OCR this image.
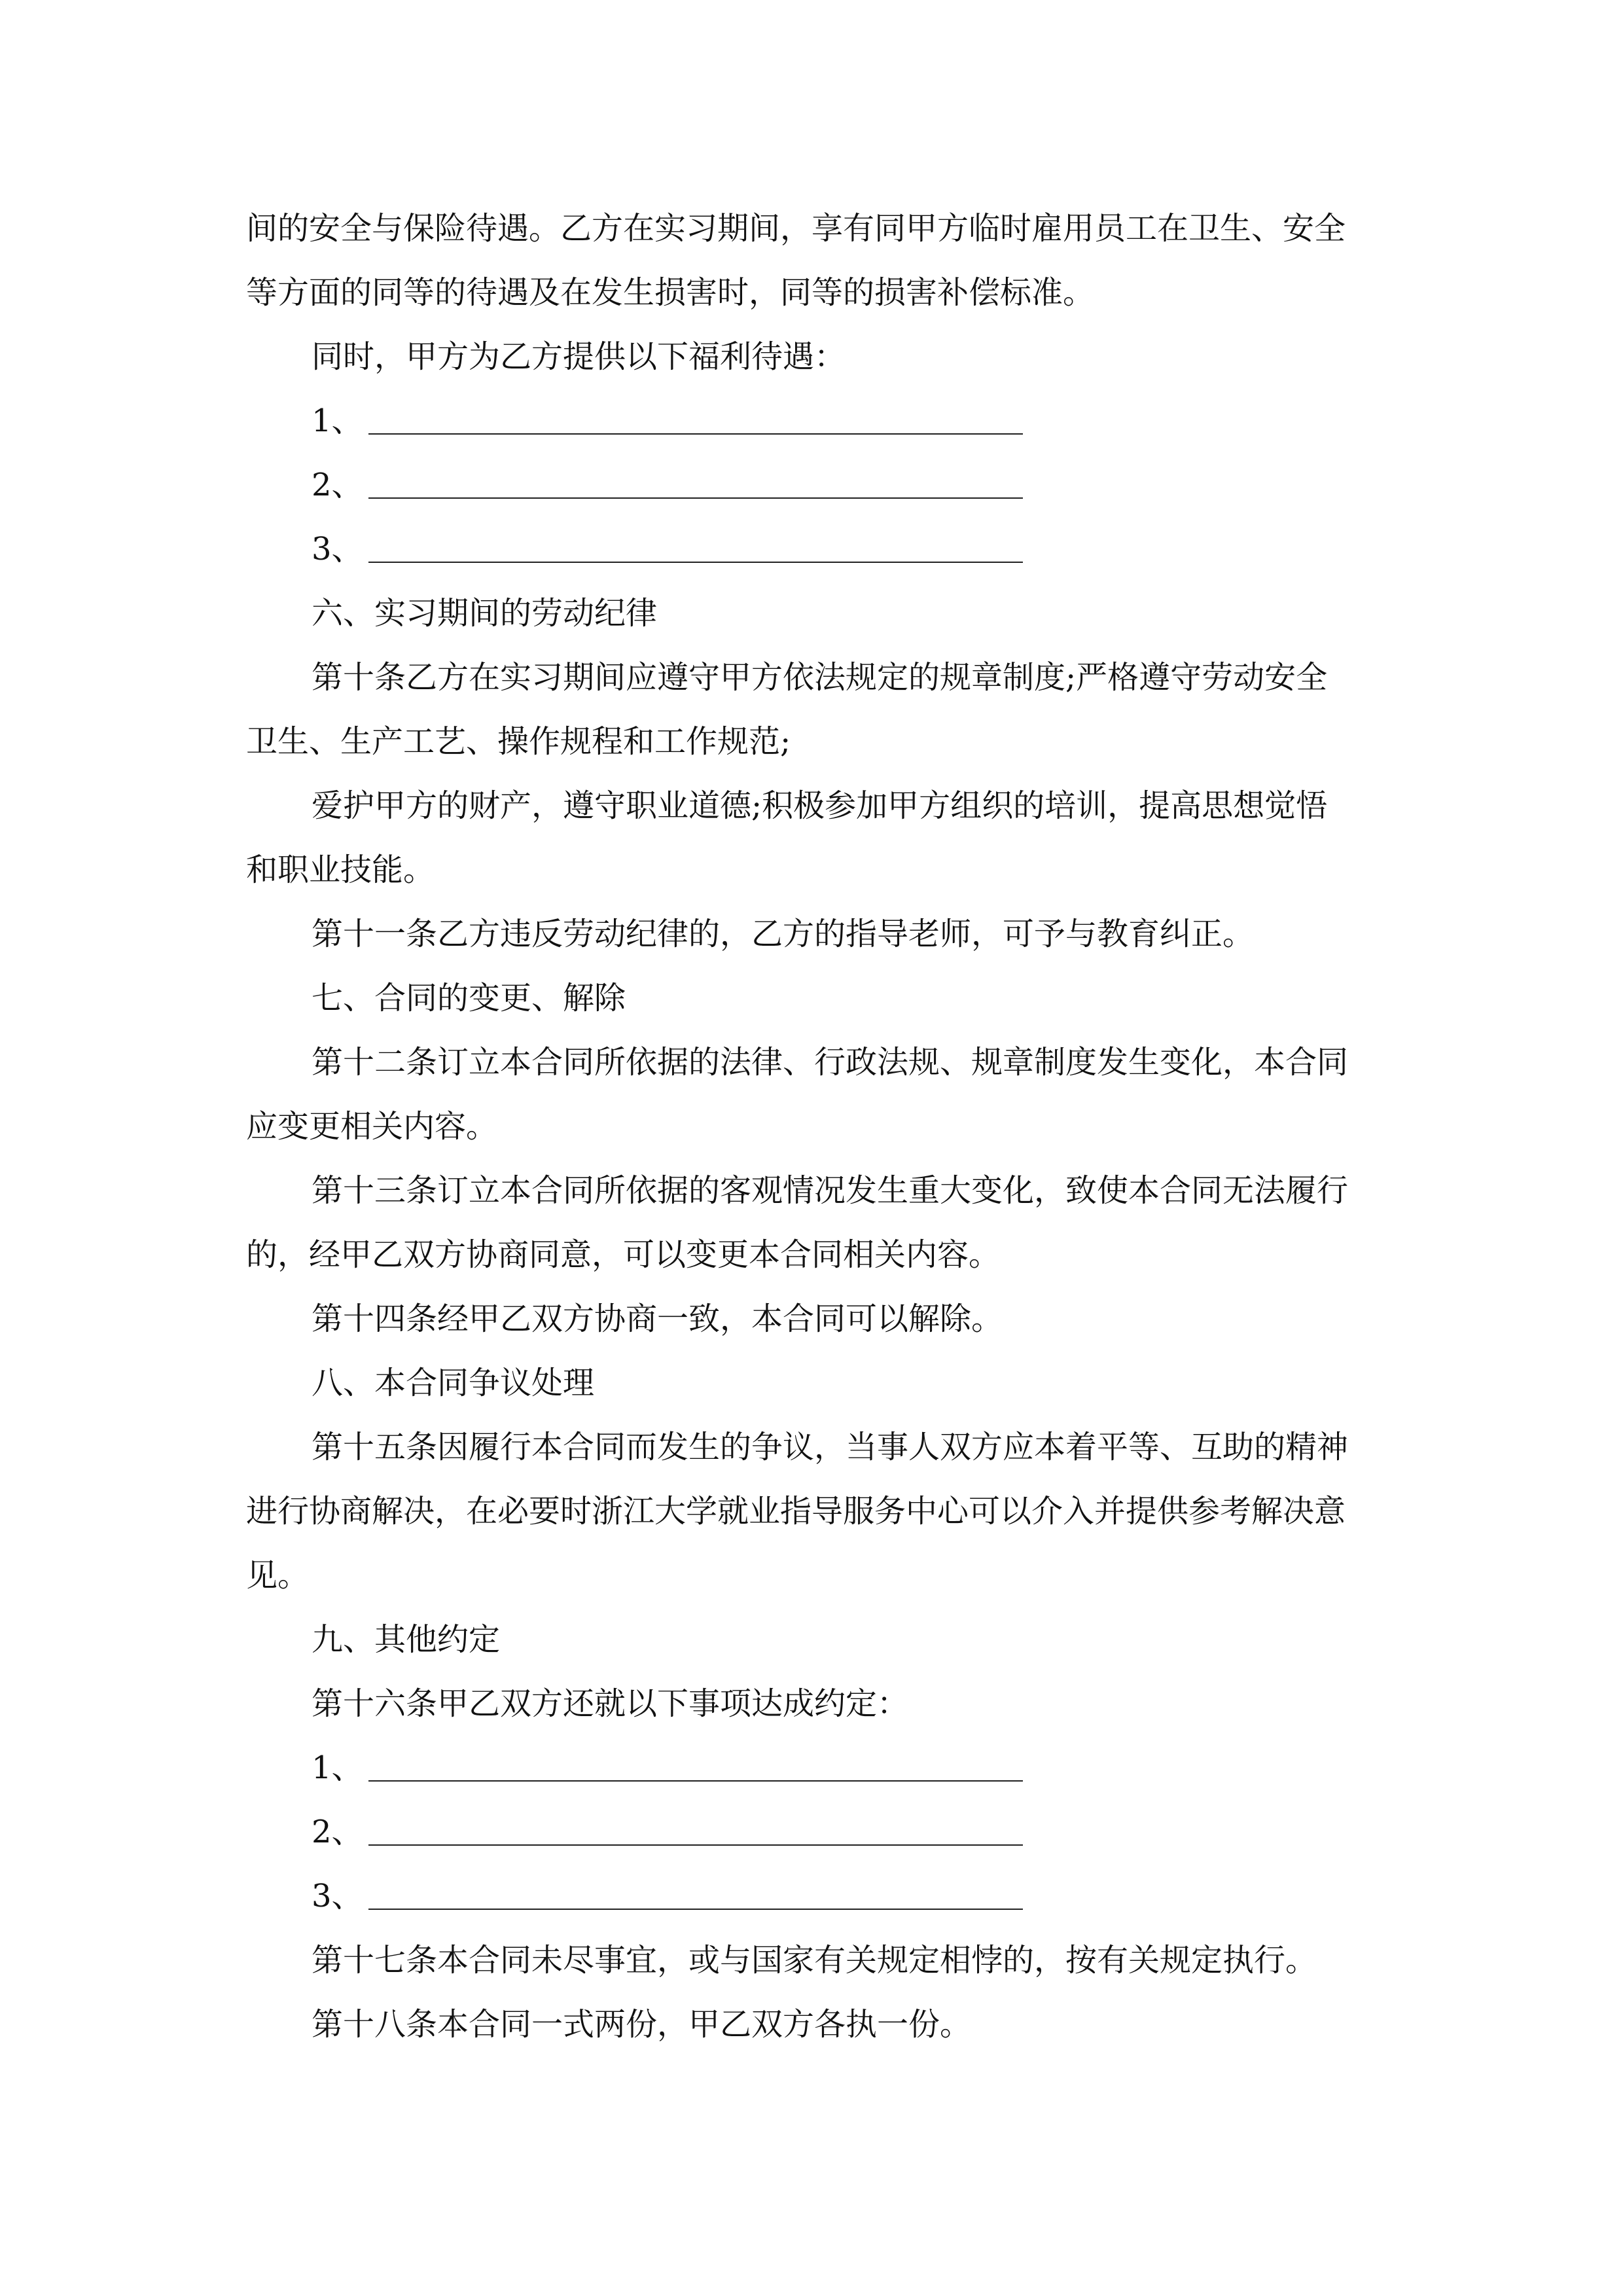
间的安全与保险待遇。乙方在实习期间，享有同甲方临时雇用员工在卫生、安全
等方面的同等的待遇及在发生损害时，同等的损害补偿标准。
同时，甲方为乙方提供以下福利待遇：
1、
2、
3、
六、实习期间的劳动纪律
第十条乙方在实习期间应遵守甲方依法规定的规章制度;严格遵守劳动安全
卫生、生产工艺、操作规程和工作规范;
爱护甲方的财产，遵守职业道德;积极参加甲方组织的培训，提高思想觉悟
和职业技能。
第十一条乙方违反劳动纪律的，乙方的指导老师，可予与教育纠正。
七、合同的变更、解除
第十二条订立本合同所依据的法律、行政法规、规章制度发生变化，本合同
应变更相关内容。
第十三条订立本合同所依据的客观情况发生重大变化，致使本合同无法履行
的，经甲乙双方协商同意，可以变更本合同相关内容。
第十四条经甲乙双方协商一致，本合同可以解除。
八、本合同争议处理
第十五条因履行本合同而发生的争议，当事人双方应本着平等、互助的精神
进行协商解决，在必要时浙江大学就业指导服务中心可以介入并提供参考解决意
见。
九、其他约定
第十六条甲乙双方还就以下事项达成约定：
1、
2、
3、
第十七条本合同未尽事宜，或与国家有关规定相悖的，按有关规定执行。
第十八条本合同一式两份，甲乙双方各执一份。
